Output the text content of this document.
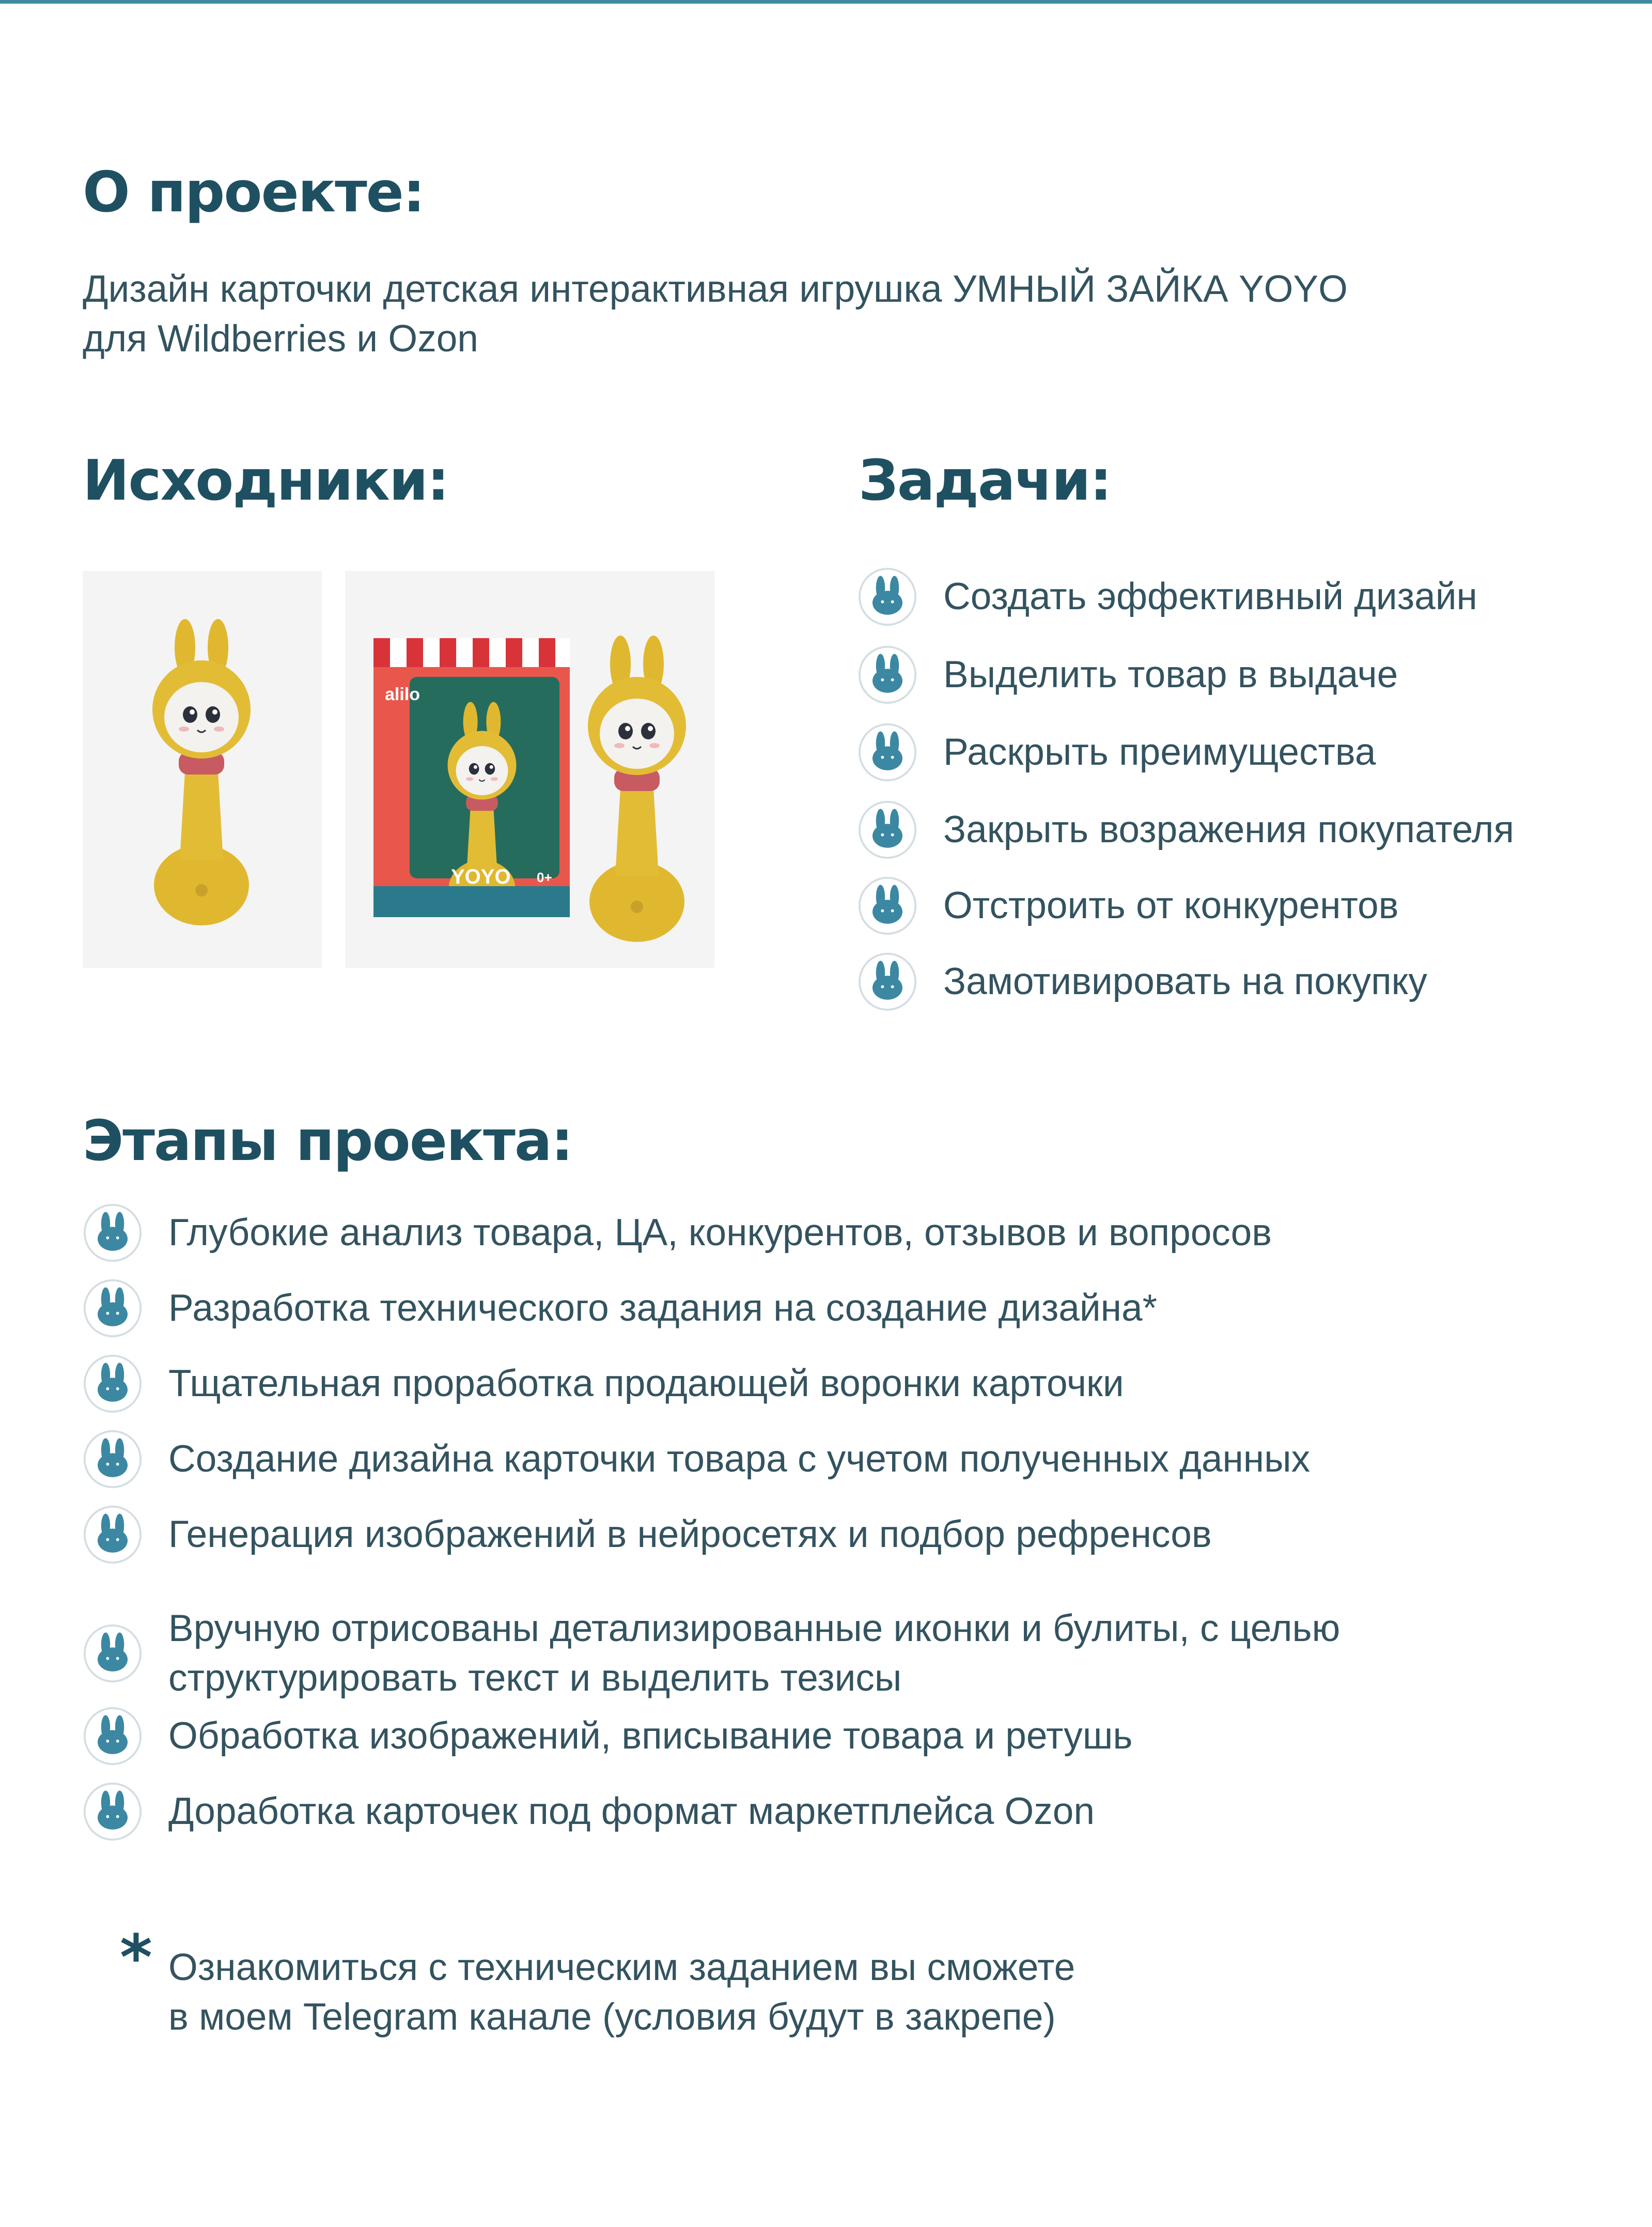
О проекте:

Дизайн карточки детская интерактивная игрушка УМНЫЙ ЗАЙКА YOYO

для Wildberries и Ozon

Исходники:
alilo
YOYO 0+
Задачи:
Создать эффективный дизайн
Выделить товар в выдаче
Раскрыть преимущества
Закрыть возражения покупателя
Отстроить от конкурентов
Замотивировать на покупку
Этапы проекта:
Глубокие анализ товара, ЦА, конкурентов, отзывов и вопросов
Разработка технического задания на создание дизайна*
Тщательная проработка продающей воронки карточки
Создание дизайна карточки товара с учетом полученных данных
Генерация изображений в нейросетях и подбор рефренсов
Вручную отрисованы детализированные иконки и булиты, с целью
структурировать текст и выделить тезисы
Обработка изображений, вписывание товара и ретушь
Доработка карточек под формат маркетплейса Ozon
* Ознакомиться с техническим заданием вы сможете

в моем Telegram канале (условия будут в закрепе)
